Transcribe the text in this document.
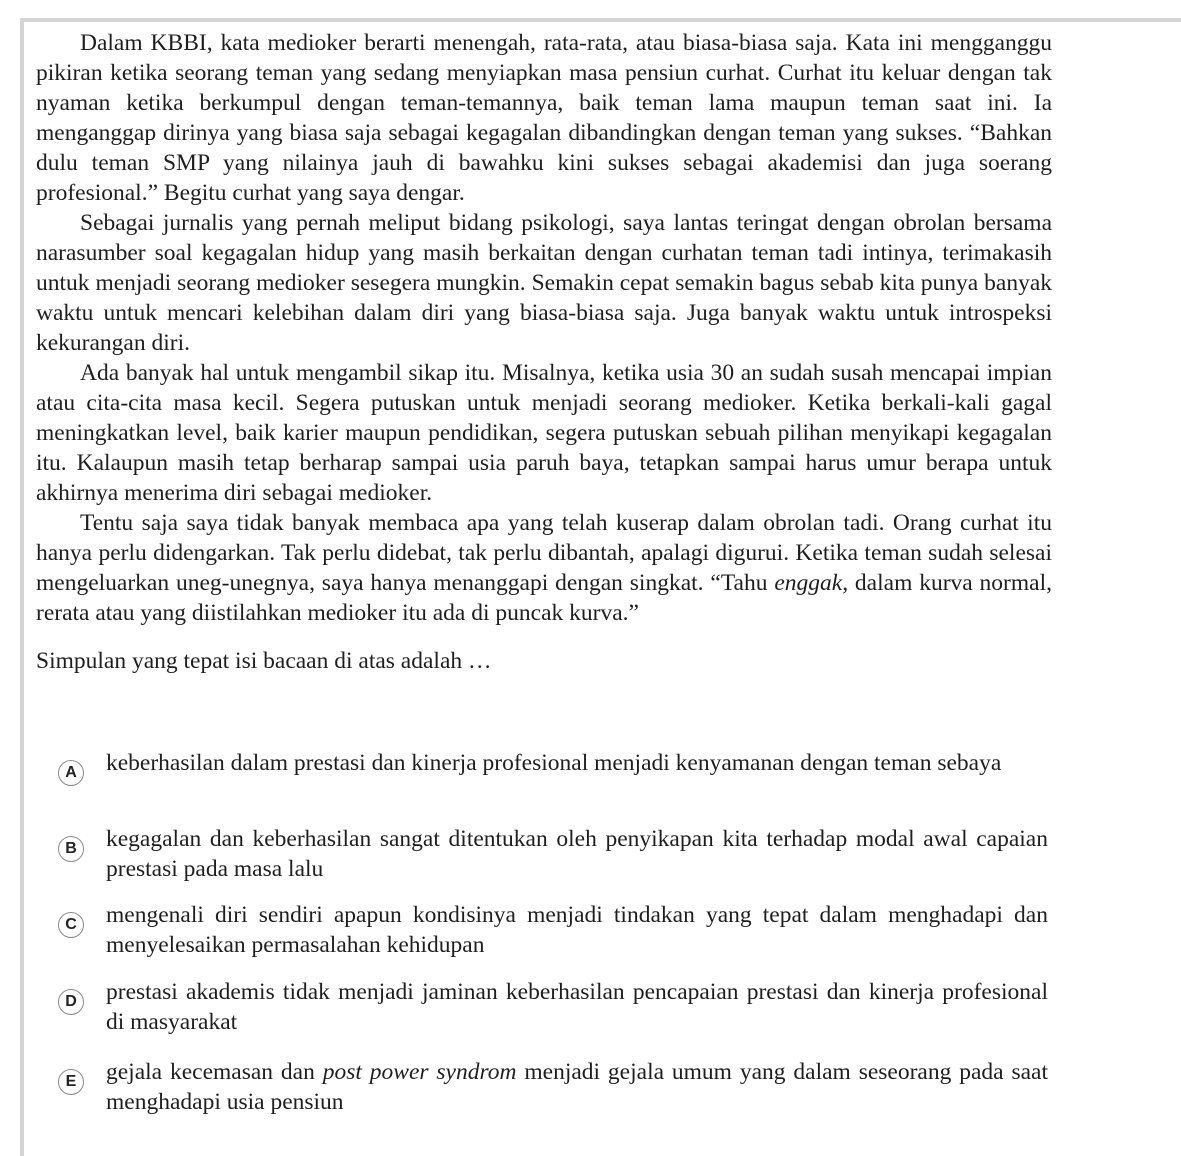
Dalam KBBI, kata medioker berarti menengah, rata-rata, atau biasa-biasa saja. Kata ini mengganggu pikiran ketika seorang teman yang sedang menyiapkan masa pensiun curhat. Curhat itu keluar dengan tak nyaman ketika berkumpul dengan teman-temannya, baik teman lama maupun teman saat ini. Ia menganggap dirinya yang biasa saja sebagai kegagalan dibandingkan dengan teman yang sukses. “Bahkan dulu teman SMP yang nilainya jauh di bawahku kini sukses sebagai akademisi dan juga soerang profesional.” Begitu curhat yang saya dengar.

Sebagai jurnalis yang pernah meliput bidang psikologi, saya lantas teringat dengan obrolan bersama narasumber soal kegagalan hidup yang masih berkaitan dengan curhatan teman tadi intinya, terimakasih untuk menjadi seorang medioker sesegera mungkin. Semakin cepat semakin bagus sebab kita punya banyak waktu untuk mencari kelebihan dalam diri yang biasa-biasa saja. Juga banyak waktu untuk introspeksi kekurangan diri.

Ada banyak hal untuk mengambil sikap itu. Misalnya, ketika usia 30 an sudah susah mencapai impian atau cita-cita masa kecil. Segera putuskan untuk menjadi seorang medioker. Ketika berkali-kali gagal meningkatkan level, baik karier maupun pendidikan, segera putuskan sebuah pilihan menyikapi kegagalan itu. Kalaupun masih tetap berharap sampai usia paruh baya, tetapkan sampai harus umur berapa untuk akhirnya menerima diri sebagai medioker.

Tentu saja saya tidak banyak membaca apa yang telah kuserap dalam obrolan tadi. Orang curhat itu hanya perlu didengarkan. Tak perlu didebat, tak perlu dibantah, apalagi digurui. Ketika teman sudah selesai mengeluarkan uneg-unegnya, saya hanya menanggapi dengan singkat. “Tahu enggak, dalam kurva normal, rerata atau yang diistilahkan medioker itu ada di puncak kurva.”

Simpulan yang tepat isi bacaan di atas adalah …

A	keberhasilan dalam prestasi dan kinerja profesional menjadi kenyamanan dengan teman sebaya
B	kegagalan dan keberhasilan sangat ditentukan oleh penyikapan kita terhadap modal awal capaian prestasi pada masa lalu
C	mengenali diri sendiri apapun kondisinya menjadi tindakan yang tepat dalam menghadapi dan menyelesaikan permasalahan kehidupan
D	prestasi akademis tidak menjadi jaminan keberhasilan pencapaian prestasi dan kinerja profesional di masyarakat
E	gejala kecemasan dan post power syndrom menjadi gejala umum yang dalam seseorang pada saat menghadapi usia pensiun
